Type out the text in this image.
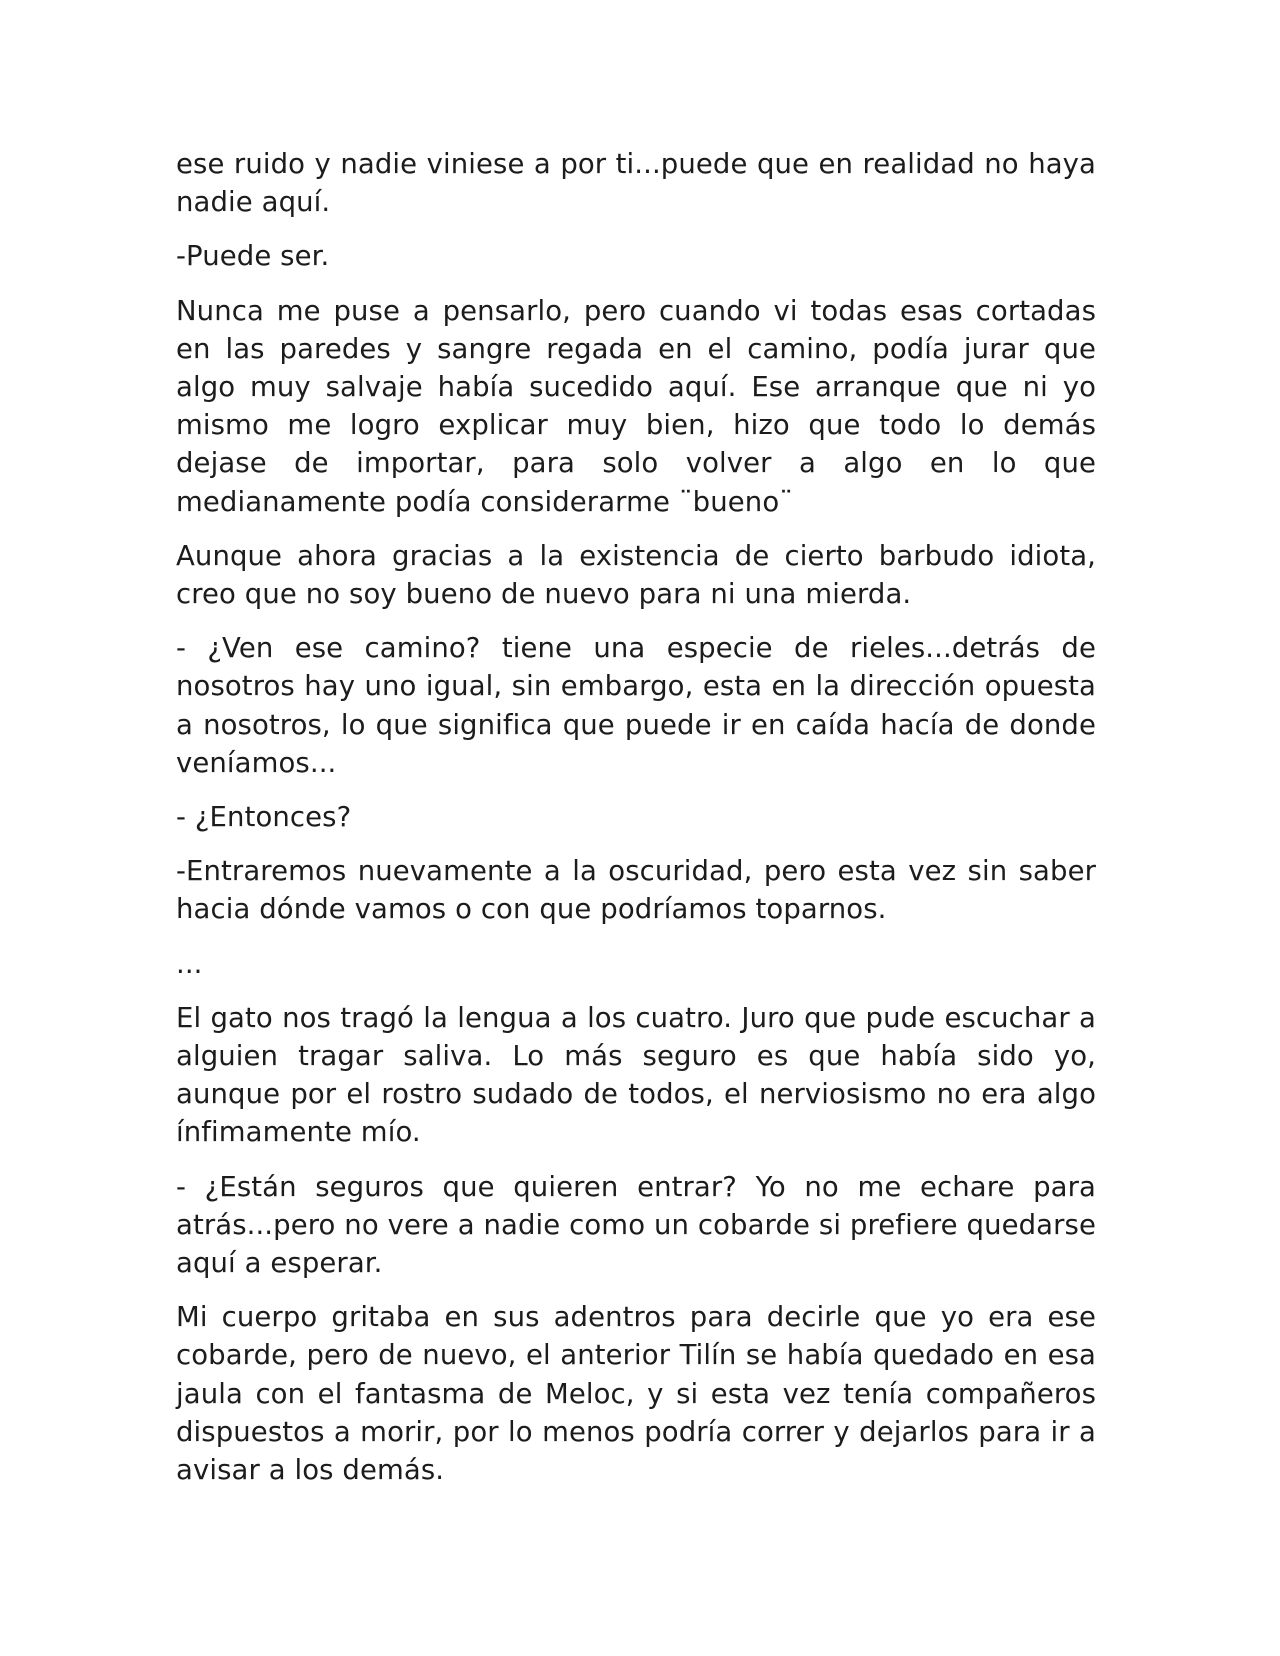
ese ruido y nadie viniese a por ti...puede que en realidad no haya nadie aquí.

-Puede ser.

Nunca me puse a pensarlo, pero cuando vi todas esas cortadas en las paredes y sangre regada en el camino, podía jurar que algo muy salvaje había sucedido aquí. Ese arranque que ni yo mismo me logro explicar muy bien, hizo que todo lo demás dejase de importar, para solo volver a algo en lo que medianamente podía considerarme ¨bueno¨

Aunque ahora gracias a la existencia de cierto barbudo idiota, creo que no soy bueno de nuevo para ni una mierda.

- ¿Ven ese camino? tiene una especie de rieles...detrás de nosotros hay uno igual, sin embargo, esta en la dirección opuesta a nosotros, lo que significa que puede ir en caída hacía de donde veníamos...

- ¿Entonces?

-Entraremos nuevamente a la oscuridad, pero esta vez sin saber hacia dónde vamos o con que podríamos toparnos.

...

El gato nos tragó la lengua a los cuatro. Juro que pude escuchar a alguien tragar saliva. Lo más seguro es que había sido yo, aunque por el rostro sudado de todos, el nerviosismo no era algo ínfimamente mío.

- ¿Están seguros que quieren entrar? Yo no me echare para atrás...pero no vere a nadie como un cobarde si prefiere quedarse aquí a esperar.

Mi cuerpo gritaba en sus adentros para decirle que yo era ese cobarde, pero de nuevo, el anterior Tilín se había quedado en esa jaula con el fantasma de Meloc, y si esta vez tenía compañeros dispuestos a morir, por lo menos podría correr y dejarlos para ir a avisar a los demás.
